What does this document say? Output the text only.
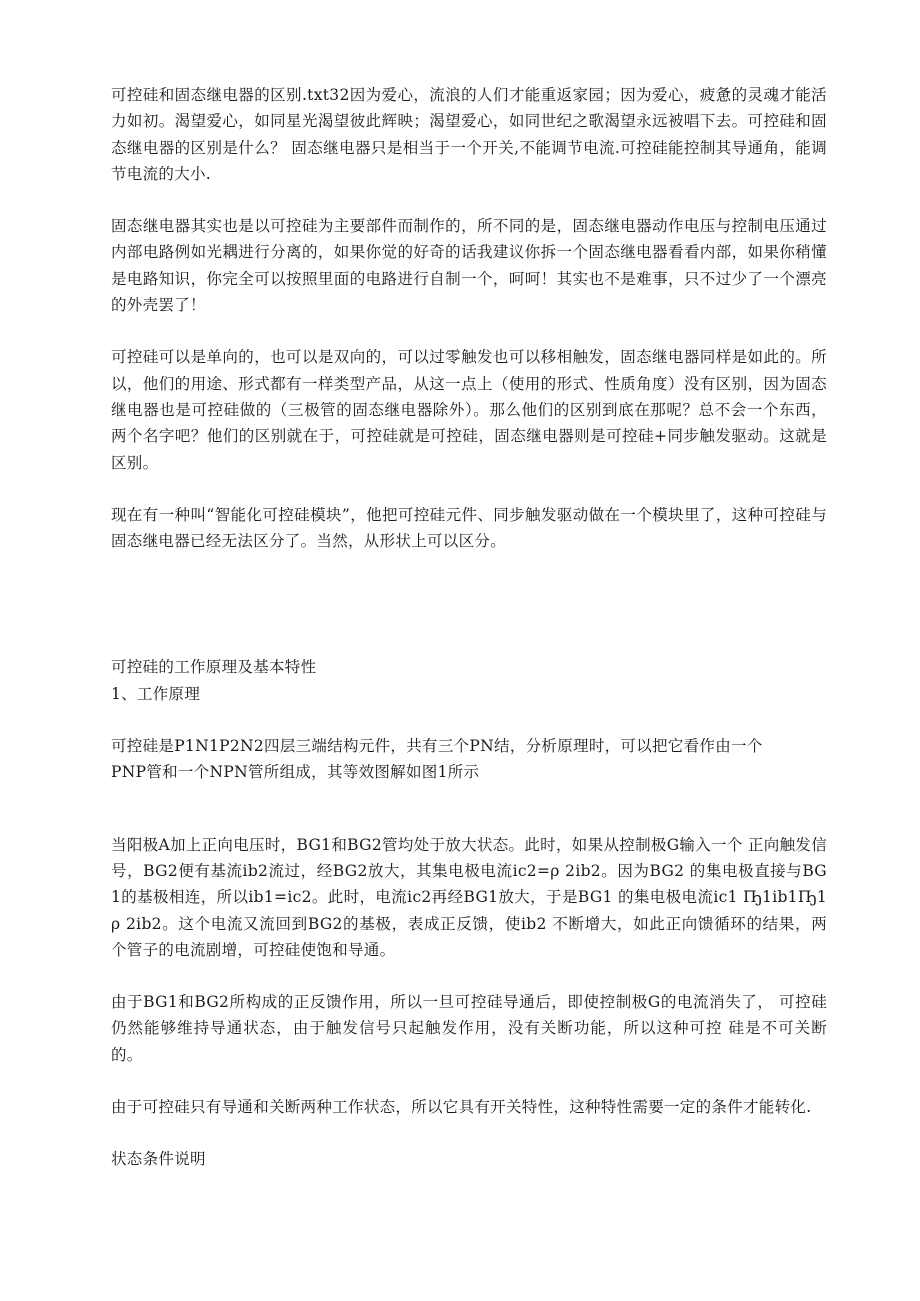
可控硅和固态继电器的区别.txt32因为爱心，流浪的人们才能重返家园；因为爱心，疲惫的灵魂才能活力如初。渴望爱心，如同星光渴望彼此辉映；渴望爱心，如同世纪之歌渴望永远被唱下去。可控硅和固态继电器的区别是什么？ 固态继电器只是相当于一个开关,不能调节电流.可控硅能控制其导通角，能调节电流的大小.

固态继电器其实也是以可控硅为主要部件而制作的，所不同的是，固态继电器动作电压与控制电压通过内部电路例如光耦进行分离的，如果你觉的好奇的话我建议你拆一个固态继电器看看内部，如果你稍懂是电路知识，你完全可以按照里面的电路进行自制一个，呵呵！其实也不是难事，只不过少了一个漂亮的外壳罢了！

可控硅可以是单向的，也可以是双向的，可以过零触发也可以移相触发，固态继电器同样是如此的。所以，他们的用途、形式都有一样类型产品，从这一点上（使用的形式、性质角度）没有区别，因为固态继电器也是可控硅做的（三极管的固态继电器除外）。那么他们的区别到底在那呢？总不会一个东西，两个名字吧？他们的区别就在于，可控硅就是可控硅，固态继电器则是可控硅+同步触发驱动。这就是区别。

现在有一种叫“智能化可控硅模块”，他把可控硅元件、同步触发驱动做在一个模块里了，这种可控硅与固态继电器已经无法区分了。当然，从形状上可以区分。

可控硅的工作原理及基本特性

1、工作原理

可控硅是P1N1P2N2四层三端结构元件，共有三个PN结，分析原理时，可以把它看作由一个

PNP管和一个NPN管所组成，其等效图解如图1所示

当阳极A加上正向电压时，BG1和BG2管均处于放大状态。此时，如果从控制极G输入一个 正向触发信号，BG2便有基流ib2流过，经BG2放大，其集电极电流ic2=ρ 2ib2。因为BG2 的集电极直接与BG1的基极相连，所以ib1=ic2。此时，电流ic2再经BG1放大，于是BG1 的集电极电流ic1 Ҧ1ib1Ҧ1ρ 2ib2。这个电流又流回到BG2的基极，表成正反馈，使ib2 不断增大，如此正向馈循环的结果，两个管子的电流剧增，可控硅使饱和导通。

由于BG1和BG2所构成的正反馈作用，所以一旦可控硅导通后，即使控制极G的电流消失了， 可控硅仍然能够维持导通状态，由于触发信号只起触发作用，没有关断功能，所以这种可控 硅是不可关断的。

由于可控硅只有导通和关断两种工作状态，所以它具有开关特性，这种特性需要一定的条件才能转化.

状态条件说明
